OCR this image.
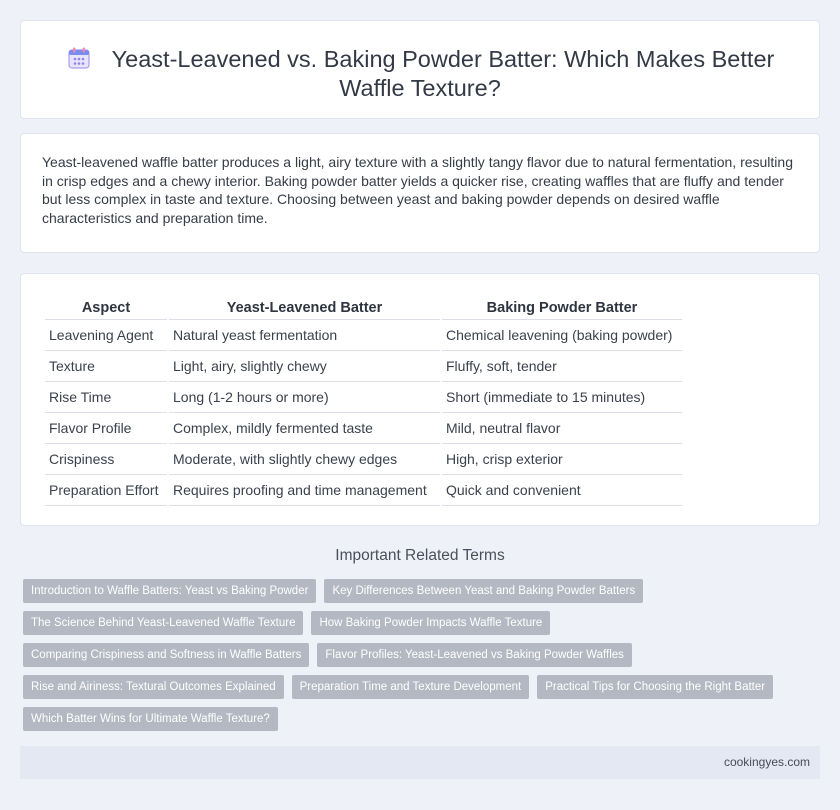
Yeast-Leavened vs. Baking Powder Batter: Which Makes Better Waffle Texture?

Yeast-leavened waffle batter produces a light, airy texture with a slightly tangy flavor due to natural fermentation, resulting in crisp edges and a chewy interior. Baking powder batter yields a quicker rise, creating waffles that are fluffy and tender but less complex in taste and texture. Choosing between yeast and baking powder depends on desired waffle characteristics and preparation time.

Aspect	Yeast-Leavened Batter	Baking Powder Batter
Leavening Agent	Natural yeast fermentation	Chemical leavening (baking powder)
Texture	Light, airy, slightly chewy	Fluffy, soft, tender
Rise Time	Long (1-2 hours or more)	Short (immediate to 15 minutes)
Flavor Profile	Complex, mildly fermented taste	Mild, neutral flavor
Crispiness	Moderate, with slightly chewy edges	High, crisp exterior
Preparation Effort	Requires proofing and time management	Quick and convenient
Important Related Terms
Introduction to Waffle Batters: Yeast vs Baking Powder	Key Differences Between Yeast and Baking Powder Batters
The Science Behind Yeast-Leavened Waffle Texture	How Baking Powder Impacts Waffle Texture
Comparing Crispiness and Softness in Waffle Batters	Flavor Profiles: Yeast-Leavened vs Baking Powder Waffles
Rise and Airiness: Textural Outcomes Explained	Preparation Time and Texture Development	Practical Tips for Choosing the Right Batter
Which Batter Wins for Ultimate Waffle Texture?
cookingyes.com
